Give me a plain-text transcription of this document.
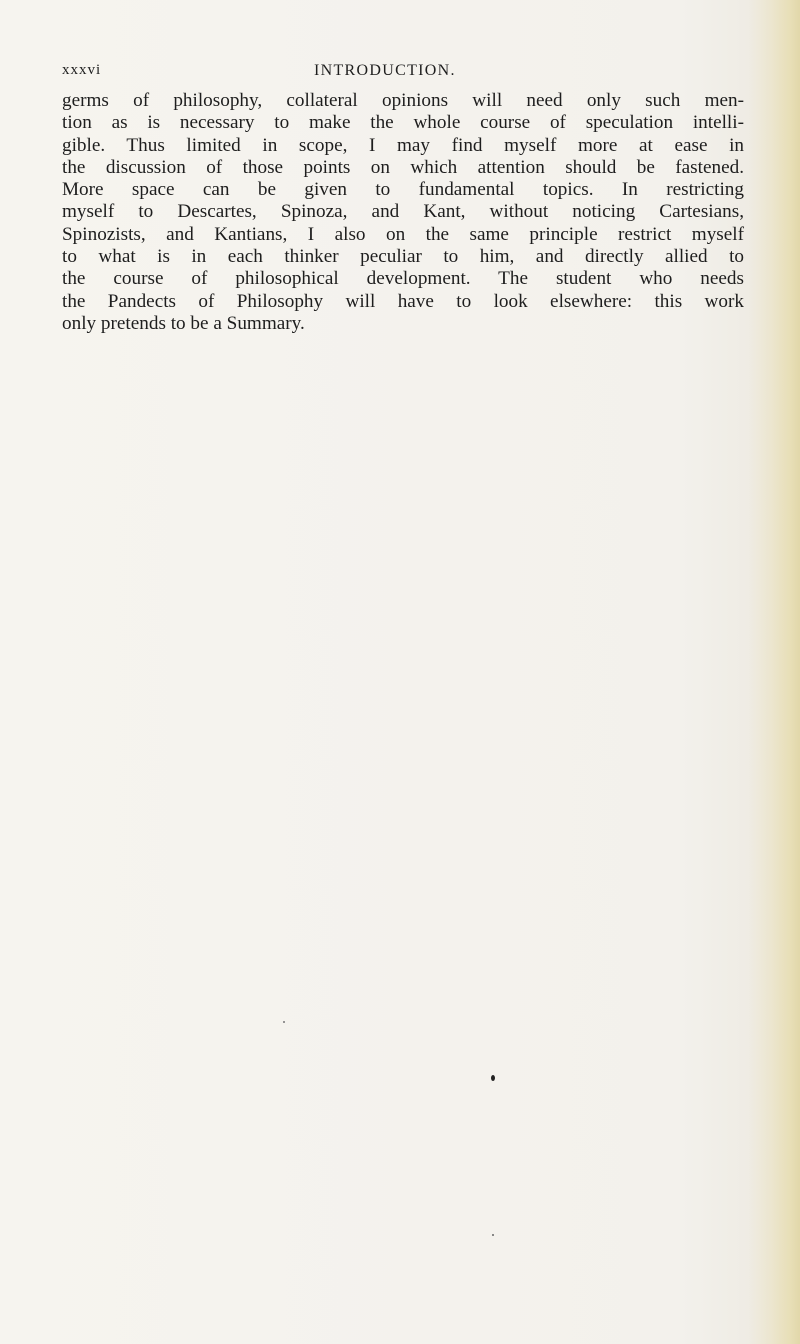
xxxvi	INTRODUCTION.
germs of philosophy, collateral opinions will need only such men-
tion as is necessary to make the whole course of speculation intelli-
gible. Thus limited in scope, I may find myself more at ease in
the discussion of those points on which attention should be fastened.
More space can be given to fundamental topics. In restricting
myself to Descartes, Spinoza, and Kant, without noticing Cartesians,
Spinozists, and Kantians, I also on the same principle restrict myself
to what is in each thinker peculiar to him, and directly allied to
the course of philosophical development. The student who needs
the Pandects of Philosophy will have to look elsewhere: this work
only pretends to be a Summary.
